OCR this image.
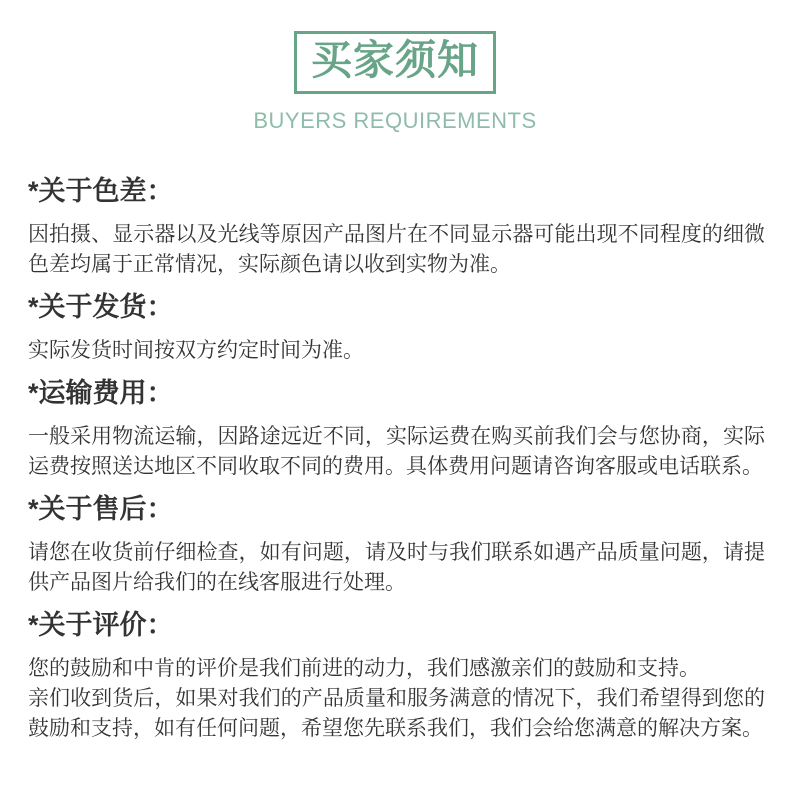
买家须知
BUYERS REQUIREMENTS
*关于色差：

因拍摄、显示器以及光线等原因产品图片在不同显示器可能出现不同程度的细微色差均属于正常情况，实际颜色请以收到实物为准。

*关于发货：

实际发货时间按双方约定时间为准。

*运输费用：

一般采用物流运输，因路途远近不同，实际运费在购买前我们会与您协商，实际运费按照送达地区不同收取不同的费用。具体费用问题请咨询客服或电话联系。

*关于售后：

请您在收货前仔细检查，如有问题，请及时与我们联系如遇产品质量问题，请提供产品图片给我们的在线客服进行处理。

*关于评价：

您的鼓励和中肯的评价是我们前进的动力，我们感激亲们的鼓励和支持。

亲们收到货后，如果对我们的产品质量和服务满意的情况下，我们希望得到您的鼓励和支持，如有任何问题，希望您先联系我们，我们会给您满意的解决方案。
